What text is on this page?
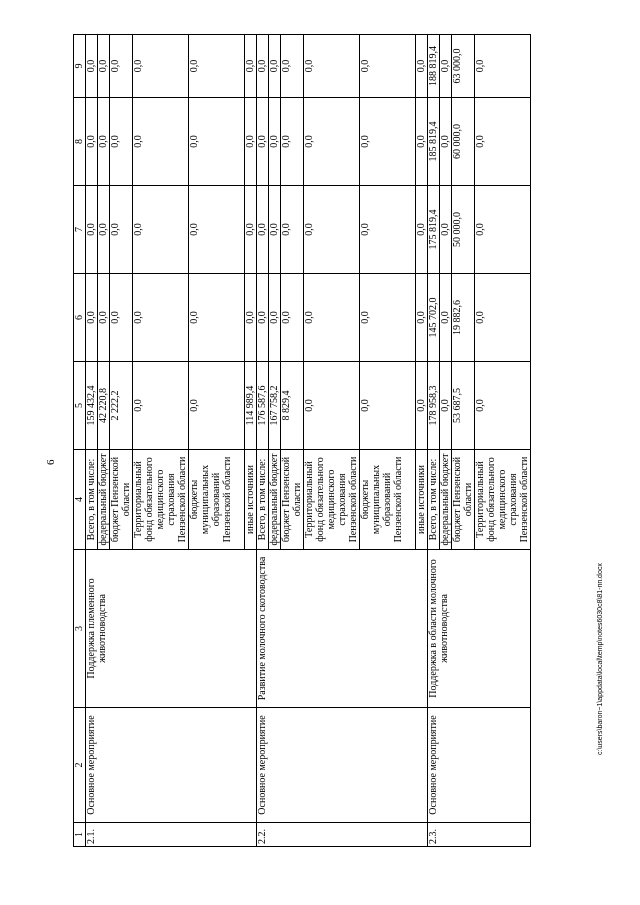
6
1	2	3	4	5	6	7	8	9
2.1.	Основное мероприятие	Поддержка племенного животноводства	Всего, в том числе:	159 432,4	0,0	0,0	0,0	0,0
			федеральный бюджет	42 220,8	0,0	0,0	0,0	0,0
			бюджет Пензенской области	2 222,2	0,0	0,0	0,0	0,0
			Территориальный фонд обязательного медицинского страхования Пензенской области	0,0	0,0	0,0	0,0	0,0
			бюджеты муниципальных образований Пензенской области	0,0	0,0	0,0	0,0	0,0
			иные источники	114 989,4	0,0	0,0	0,0	0,0
2.2.	Основное мероприятие	Развитие молочного скотоводства	Всего, в том числе:	176 587,6	0,0	0,0	0,0	0,0
			федеральный бюджет	167 758,2	0,0	0,0	0,0	0,0
			бюджет Пензенской области	8 829,4	0,0	0,0	0,0	0,0
			Территориальный фонд обязательного медицинского страхования Пензенской области	0,0	0,0	0,0	0,0	0,0
			бюджеты муниципальных образований Пензенской области	0,0	0,0	0,0	0,0	0,0
			иные источники	0,0	0,0	0,0	0,0	0,0
2.3.	Основное мероприятие	Поддержка в области молочного животноводства	Всего, в том числе:	178 958,3	145 702,0	175 819,4	185 819,4	188 819,4
			федеральный бюджет	0,0	0,0	0,0	0,0	0,0
			бюджет Пензенской области	53 687,5	19 882,6	50 000,0	60 000,0	63 000,0
			Территориальный фонд обязательного медицинского страхования Пензенской области	0,0	0,0	0,0	0,0	0,0
c:\users\baron~1\appdata\local\temp\notes6030c8\81-пп.docx
